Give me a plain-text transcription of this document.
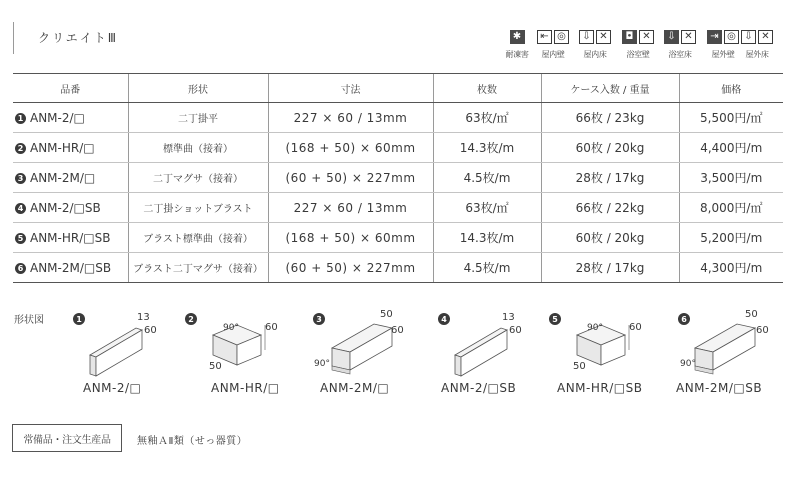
クリエイトⅢ	✱
耐凍害
⇤ ◎
屋内壁
⇩ ✕
屋内床
◘ ✕
浴室壁
⇩ ✕
浴室床
⇥ ◎
屋外壁
⇩ ✕
屋外床
品番	形状	寸法	枚数	ケース入数 / 重量	価格
1 ANM-2/□	二丁掛平	227 × 60 / 13mm	63枚/㎡	66枚 / 23kg	5,500円/㎡
2 ANM-HR/□	標準曲（接着）	(168 + 50) × 60mm	14.3枚/m	60枚 / 20kg	4,400円/m
3 ANM-2M/□	二丁マグサ（接着）	(60 + 50) × 227mm	4.5枚/m	28枚 / 17kg	3,500円/m
4 ANM-2/□SB	二丁掛ショットブラスト	227 × 60 / 13mm	63枚/㎡	66枚 / 22kg	8,000円/㎡
5 ANM-HR/□SB	ブラスト標準曲（接着）	(168 + 50) × 60mm	14.3枚/m	60枚 / 20kg	5,200円/m
6 ANM-2M/□SB	ブラスト二丁マグサ（接着）	(60 + 50) × 227mm	4.5枚/m	28枚 / 17kg	4,300円/m
形状図	1	13
60
ANM-2/□
2
90°	60
50
ANM-HR/□
3	50
60
90°
ANM-2M/□
4	13
60
ANM-2/□SB
5
90°	60
50
ANM-HR/□SB
6	50
60
90°
ANM-2M/□SB
常備品・注文生産品	無釉ＡⅡ類（せっ器質）
